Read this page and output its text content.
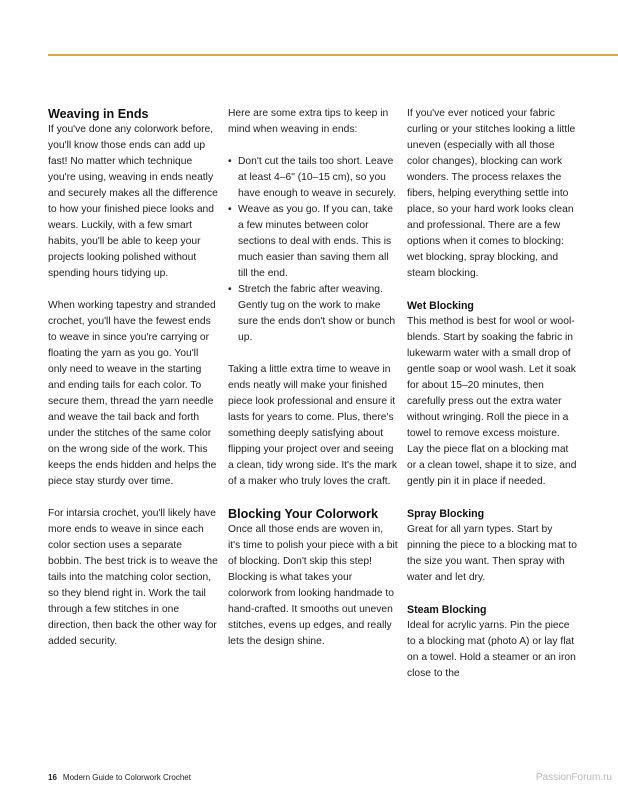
Weaving in Ends

If you've done any colorwork before, you'll know those ends can add up fast! No matter which technique you're using, weaving in ends neatly and securely makes all the difference to how your finished piece looks and wears. Luckily, with a few smart habits, you'll be able to keep your projects looking polished without spending hours tidying up.

When working tapestry and stranded crochet, you'll have the fewest ends to weave in since you're carrying or floating the yarn as you go. You'll only need to weave in the starting and ending tails for each color. To secure them, thread the yarn needle and weave the tail back and forth under the stitches of the same color on the wrong side of the work. This keeps the ends hidden and helps the piece stay sturdy over time.

For intarsia crochet, you'll likely have more ends to weave in since each color section uses a separate bobbin. The best trick is to weave the tails into the matching color section, so they blend right in. Work the tail through a few stitches in one direction, then back the other way for added security.

Here are some extra tips to keep in mind when weaving in ends:

• Don't cut the tails too short. Leave at least 4–6" (10–15 cm), so you have enough to weave in securely.
• Weave as you go. If you can, take a few minutes between color sections to deal with ends. This is much easier than saving them all till the end.
• Stretch the fabric after weaving. Gently tug on the work to make sure the ends don't show or bunch up.

Taking a little extra time to weave in ends neatly will make your finished piece look professional and ensure it lasts for years to come. Plus, there's something deeply satisfying about flipping your project over and seeing a clean, tidy wrong side. It's the mark of a maker who truly loves the craft.

Blocking Your Colorwork

Once all those ends are woven in, it's time to polish your piece with a bit of blocking. Don't skip this step! Blocking is what takes your colorwork from looking handmade to hand-crafted. It smooths out uneven stitches, evens up edges, and really lets the design shine.

If you've ever noticed your fabric curling or your stitches looking a little uneven (especially with all those color changes), blocking can work wonders. The process relaxes the fibers, helping everything settle into place, so your hard work looks clean and professional. There are a few options when it comes to blocking: wet blocking, spray blocking, and steam blocking.

Wet Blocking

This method is best for wool or wool-blends. Start by soaking the fabric in lukewarm water with a small drop of gentle soap or wool wash. Let it soak for about 15–20 minutes, then carefully press out the extra water without wringing. Roll the piece in a towel to remove excess moisture. Lay the piece flat on a blocking mat or a clean towel, shape it to size, and gently pin it in place if needed.

Spray Blocking

Great for all yarn types. Start by pinning the piece to a blocking mat to the size you want. Then spray with water and let dry.

Steam Blocking

Ideal for acrylic yarns. Pin the piece to a blocking mat (photo A) or lay flat on a towel. Hold a steamer or an iron close to the

16 Modern Guide to Colorwork Crochet	PassionForum.ru
